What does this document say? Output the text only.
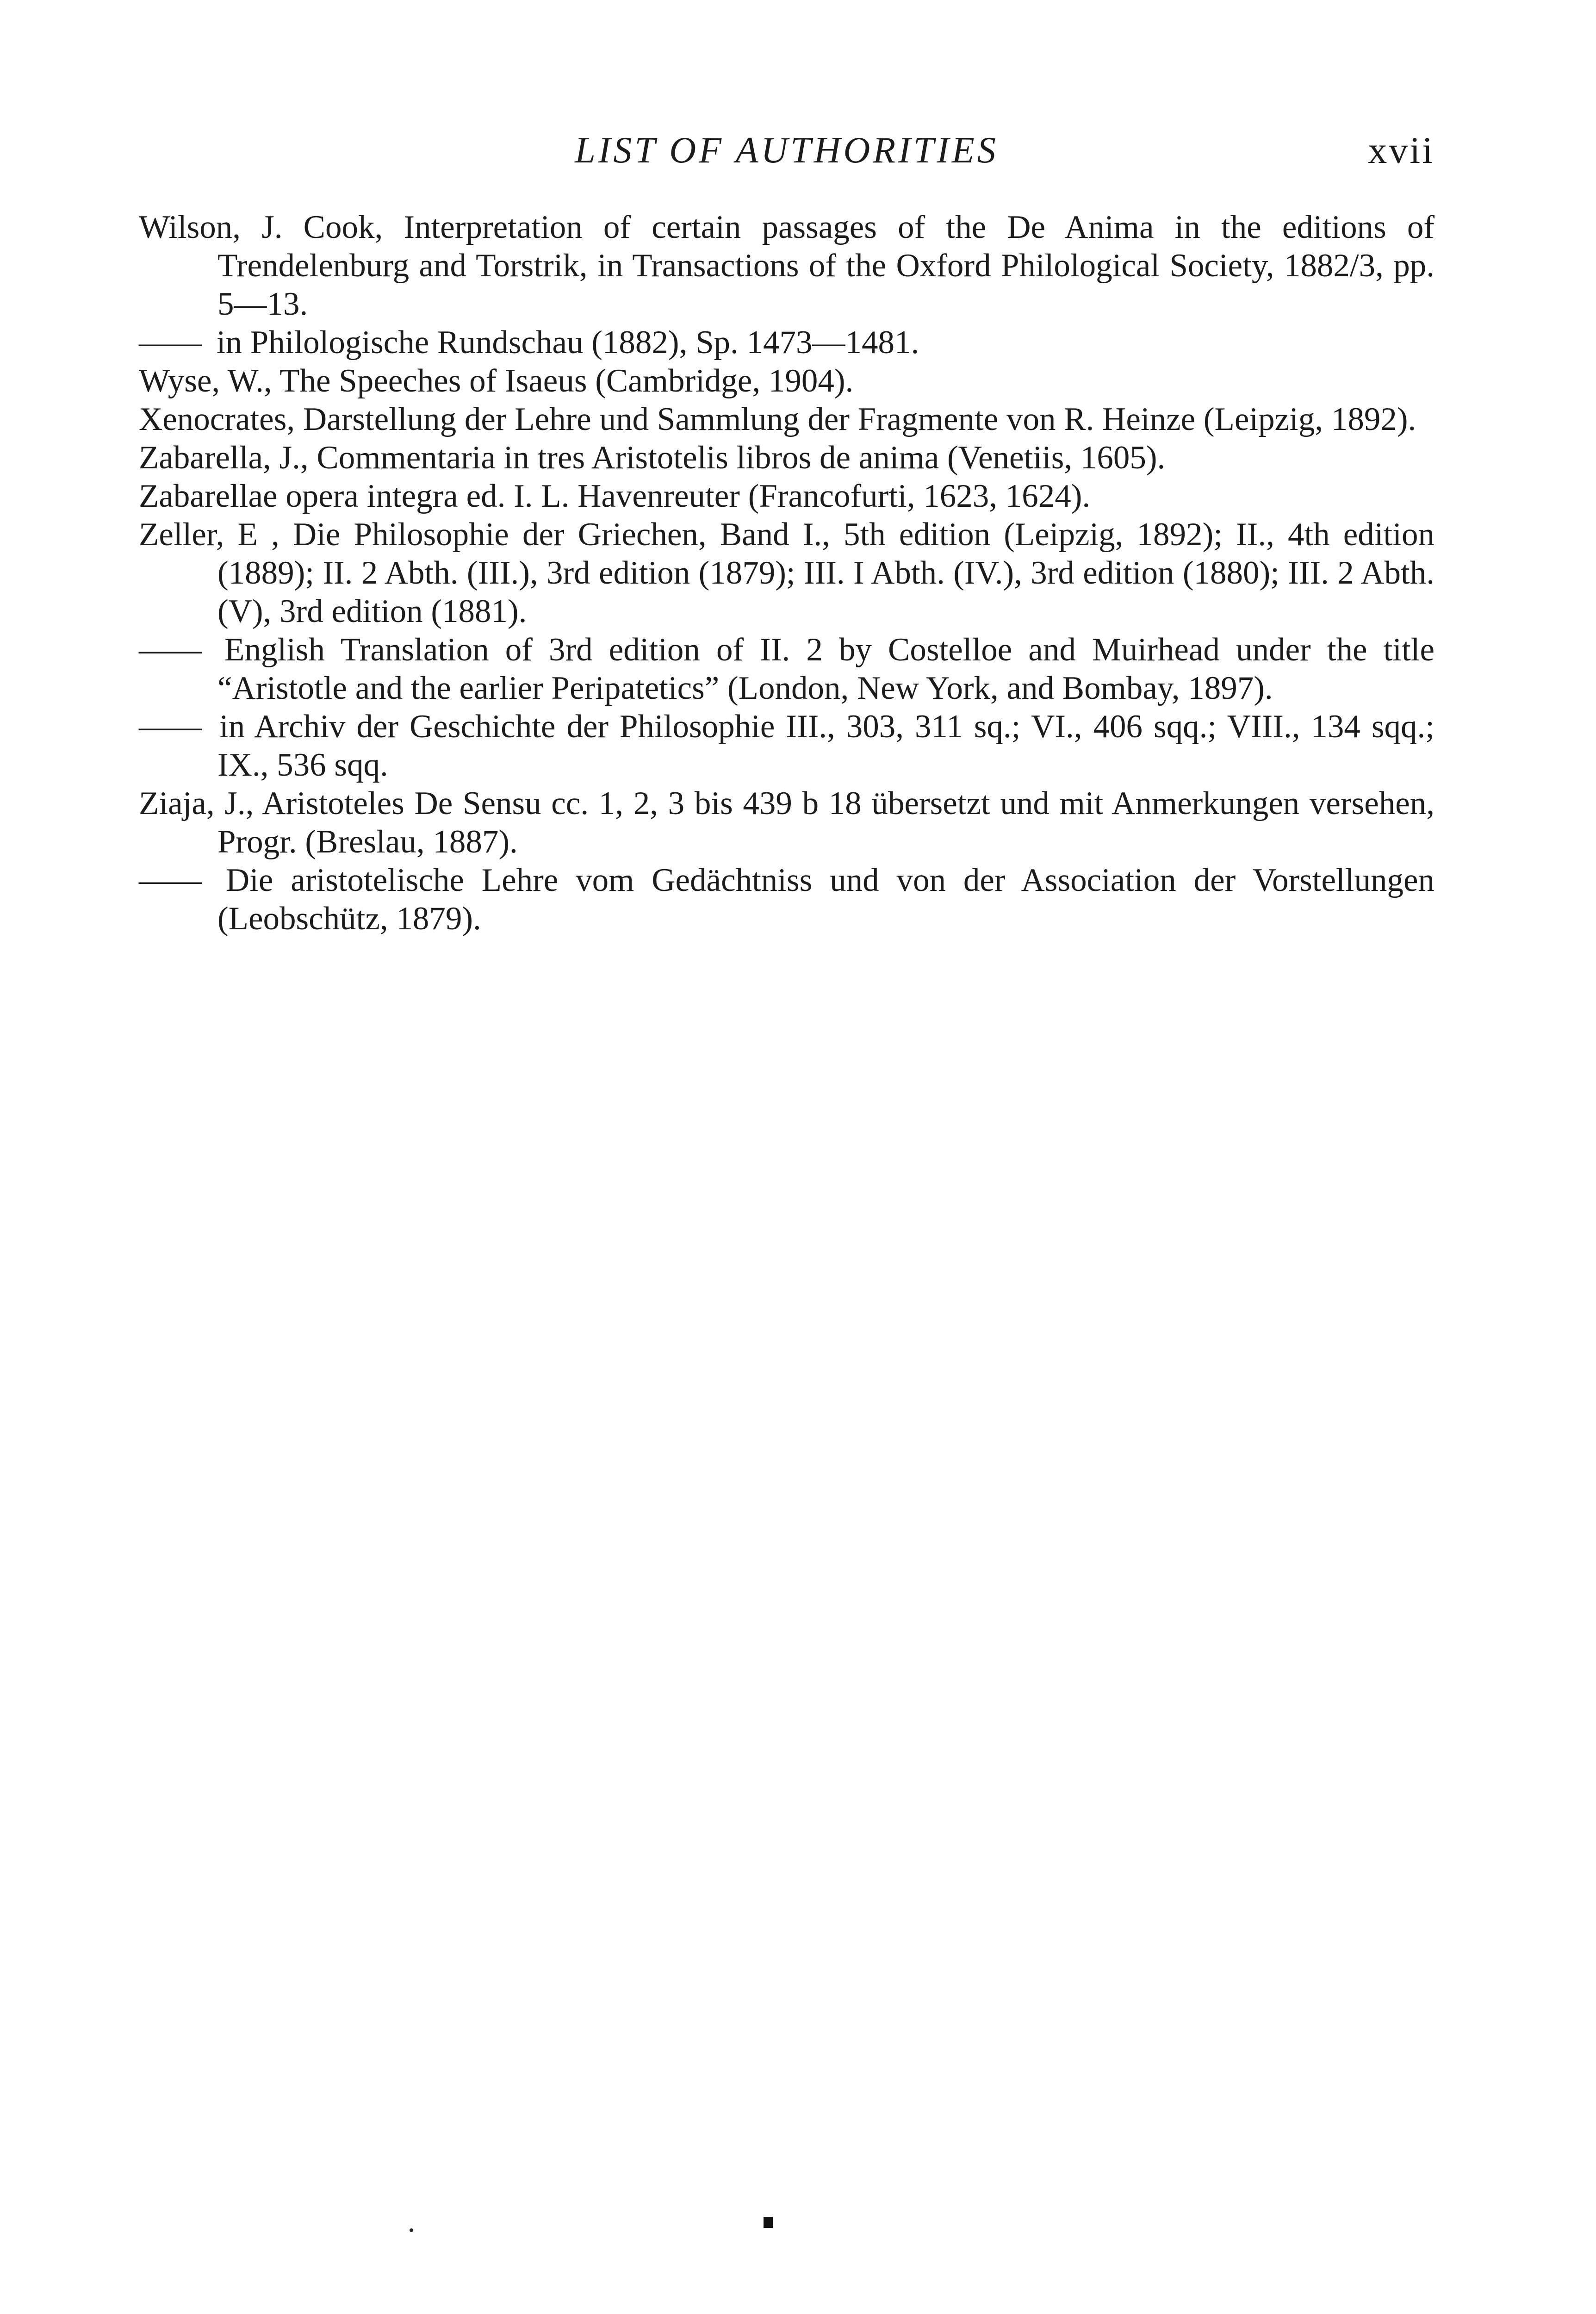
LIST OF AUTHORITIES	xvii

Wilson, J. Cook, Interpretation of certain passages of the De Anima in the editions of Trendelenburg and Torstrik, in Transactions of the Oxford Philological Society, 1882/3, pp. 5—13.

—— in Philologische Rundschau (1882), Sp. 1473—1481.

Wyse, W., The Speeches of Isaeus (Cambridge, 1904).

Xenocrates, Darstellung der Lehre und Sammlung der Fragmente von R. Heinze (Leipzig, 1892).

Zabarella, J., Commentaria in tres Aristotelis libros de anima (Venetiis, 1605).

Zabarellae opera integra ed. I. L. Havenreuter (Francofurti, 1623, 1624).

Zeller, E , Die Philosophie der Griechen, Band I., 5th edition (Leipzig, 1892); II., 4th edition (1889); II. 2 Abth. (III.), 3rd edition (1879); III. I Abth. (IV.), 3rd edition (1880); III. 2 Abth. (V), 3rd edition (1881).

—— English Translation of 3rd edition of II. 2 by Costelloe and Muirhead under the title “Aristotle and the earlier Peripatetics” (London, New York, and Bombay, 1897).

—— in Archiv der Geschichte der Philosophie III., 303, 311 sq.; VI., 406 sqq.; VIII., 134 sqq.; IX., 536 sqq.

Ziaja, J., Aristoteles De Sensu cc. 1, 2, 3 bis 439 b 18 übersetzt und mit Anmerkungen versehen, Progr. (Breslau, 1887).

—— Die aristotelische Lehre vom Gedächtniss und von der Association der Vorstellungen (Leobschütz, 1879).
